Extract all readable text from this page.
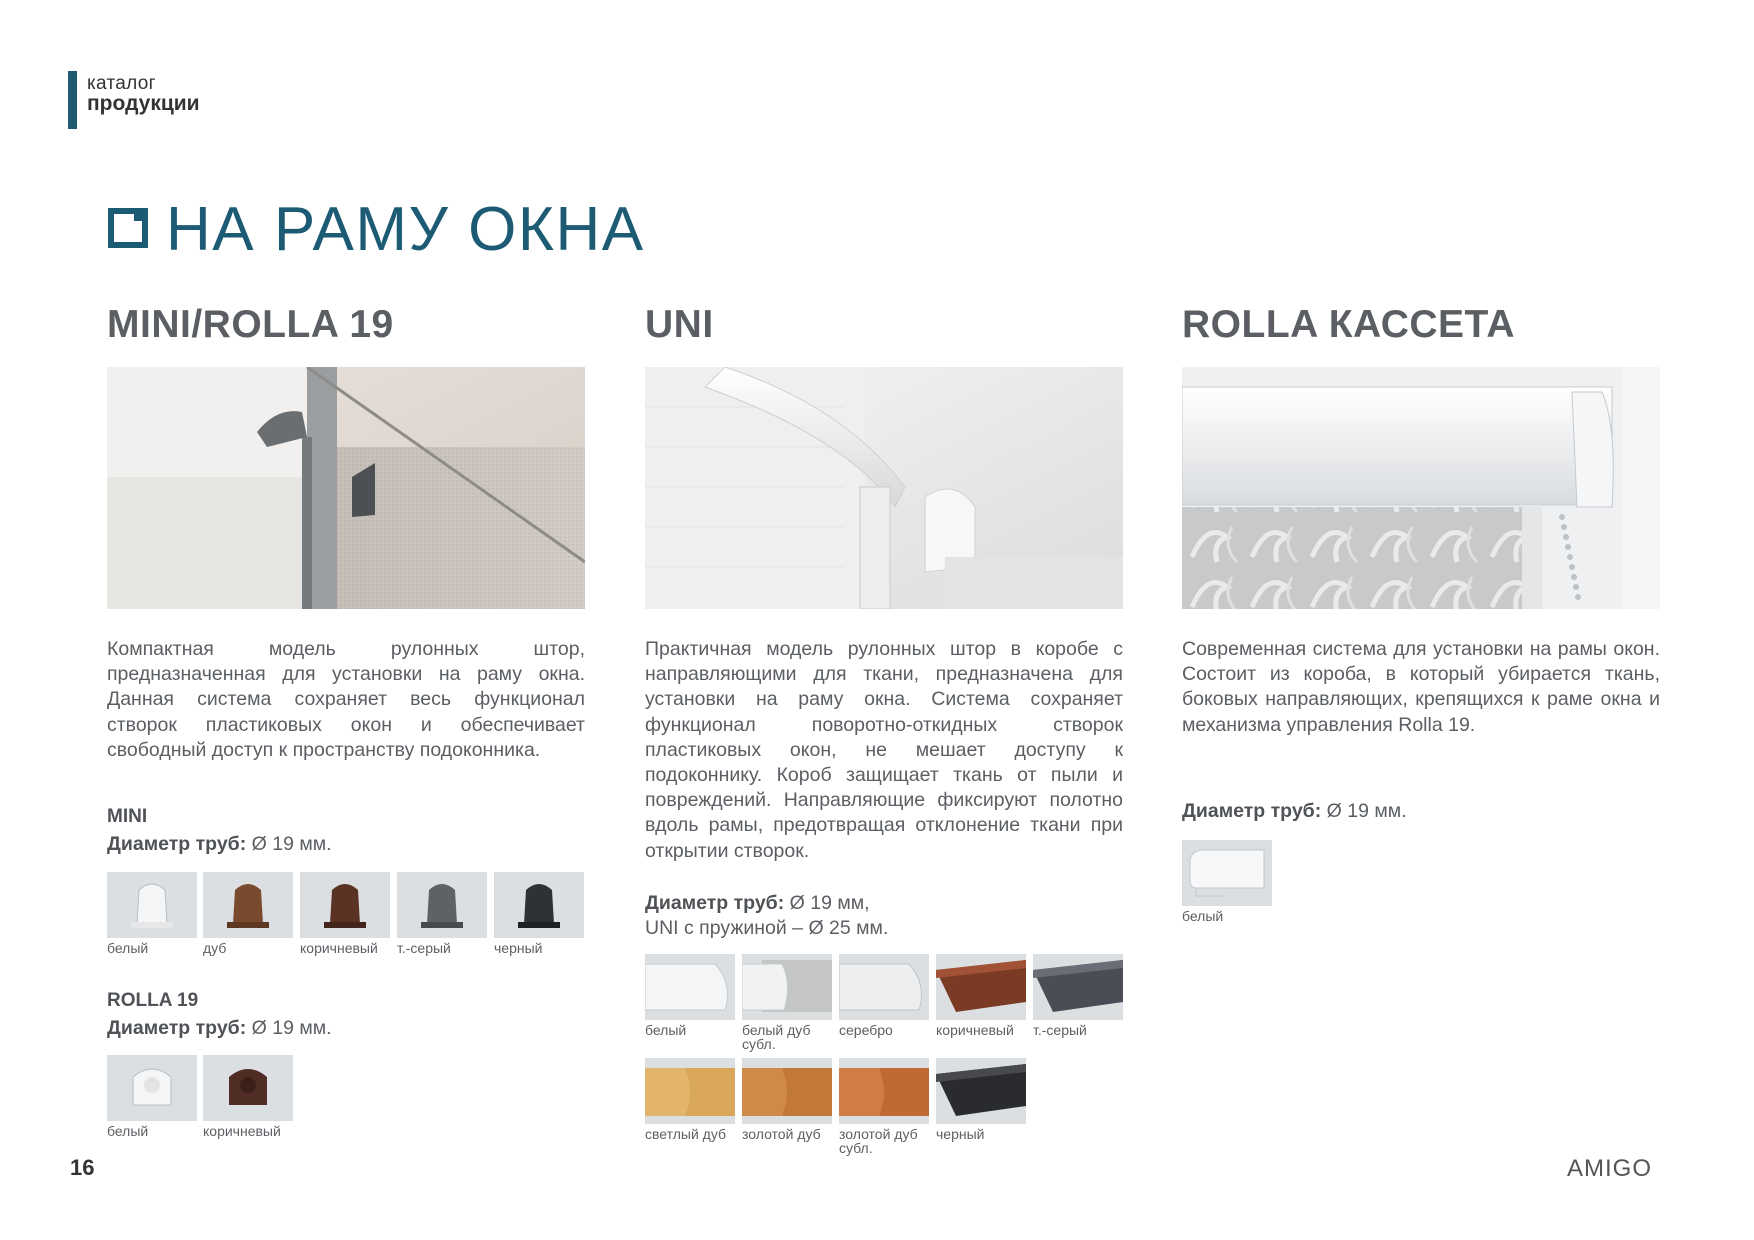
каталог
продукции
НА РАМУ ОКНА
MINI/ROLLA 19

Компактная модель рулонных штор, предназначенная для установки на раму окна. Данная система сохраняет весь функционал створок пластиковых окон и обеспечивает свободный доступ к пространству подоконника.

MINI

Диаметр труб: Ø 19 мм.

белый	дуб	коричневый	т.-серый	черный

ROLLA 19

Диаметр труб: Ø 19 мм.

белый	коричневый
UNI

Практичная модель рулонных штор в коробе с направляющими для ткани, предназначена для установки на раму окна. Система сохраняет функционал поворотно-откидных створок пластиковых окон, не мешает доступу к подоконнику. Короб защищает ткань от пыли и повреждений. Направляющие фиксируют полотно вдоль рамы, предотвращая отклонение ткани при открытии створок.

Диаметр труб: Ø 19 мм,

UNI с пружиной – Ø 25 мм.

белый	белый дуб субл.
серебро	коричневый	т.-серый
светлый дуб	золотой дуб	золотой дуб субл.
черный
ROLLA КАССЕТА

Современная система для установки на рамы окон. Состоит из короба, в который убирается ткань, боковых направляющих, крепящихся к раме окна и механизма управления Rolla 19.

Диаметр труб: Ø 19 мм.

белый
16	AMIGO
